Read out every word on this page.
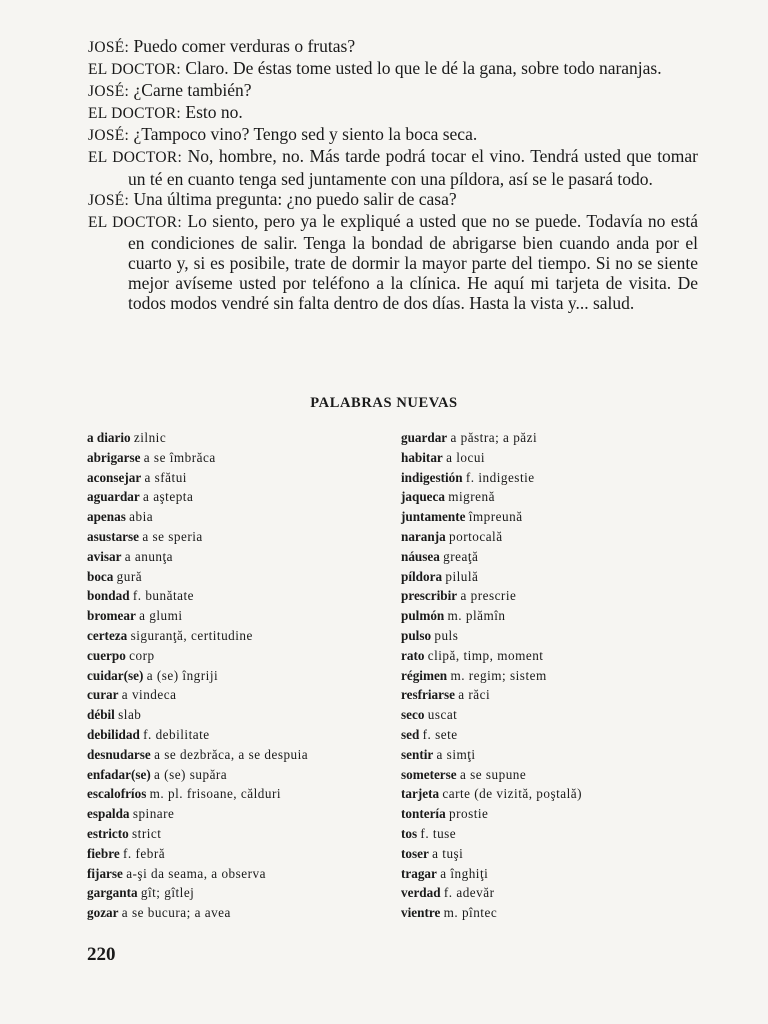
JOSÉ: Puedo comer verduras o frutas?
EL DOCTOR: Claro. De éstas tome usted lo que le dé la gana, sobre todo naranjas.
JOSÉ: ¿Carne también?
EL DOCTOR: Esto no.
JOSÉ: ¿Tampoco vino? Tengo sed y siento la boca seca.
EL DOCTOR: No, hombre, no. Más tarde podrá tocar el vino. Tendrá usted que tomar un té en cuanto tenga sed juntamente con una píldora, así se le pasará todo.
JOSÉ: Una última pregunta: ¿no puedo salir de casa?
EL DOCTOR: Lo siento, pero ya le expliqué a usted que no se puede. Todavía no está en condiciones de salir. Tenga la bondad de abrigarse bien cuando anda por el cuarto y, si es posibile, trate de dormir la mayor parte del tiempo. Si no se siente mejor avíseme usted por teléfono a la clínica. He aquí mi tarjeta de visita. De todos modos vendré sin falta dentro de dos días. Hasta la vista y... salud.
PALABRAS NUEVAS
a diario zilnic
abrigarse a se îmbrăca
aconsejar a sfătui
aguardar a aştepta
apenas abia
asustarse a se speria
avisar a anunţa
boca gură
bondad f. bunătate
bromear a glumi
certeza siguranţă, certitudine
cuerpo corp
cuidar(se) a (se) îngriji
curar a vindeca
débil slab
debilidad f. debilitate
desnudarse a se dezbrăca, a se despuia
enfadar(se) a (se) supăra
escalofríos m. pl. frisoane, călduri
espalda spinare
estricto strict
fiebre f. febră
fijarse a-şi da seama, a observa
garganta gît; gîtlej
gozar a se bucura; a avea
guardar a păstra; a păzi
habitar a locui
indigestión f. indigestie
jaqueca migrenă
juntamente împreună
naranja portocală
náusea greaţă
píldora pilulă
prescribir a prescrie
pulmón m. plămîn
pulso puls
rato clipă, timp, moment
régimen m. regim; sistem
resfriarse a răci
seco uscat
sed f. sete
sentir a simţi
someterse a se supune
tarjeta carte (de vizită, poştală)
tontería prostie
tos f. tuse
toser a tuşi
tragar a înghiţi
verdad f. adevăr
vientre m. pîntec
220
